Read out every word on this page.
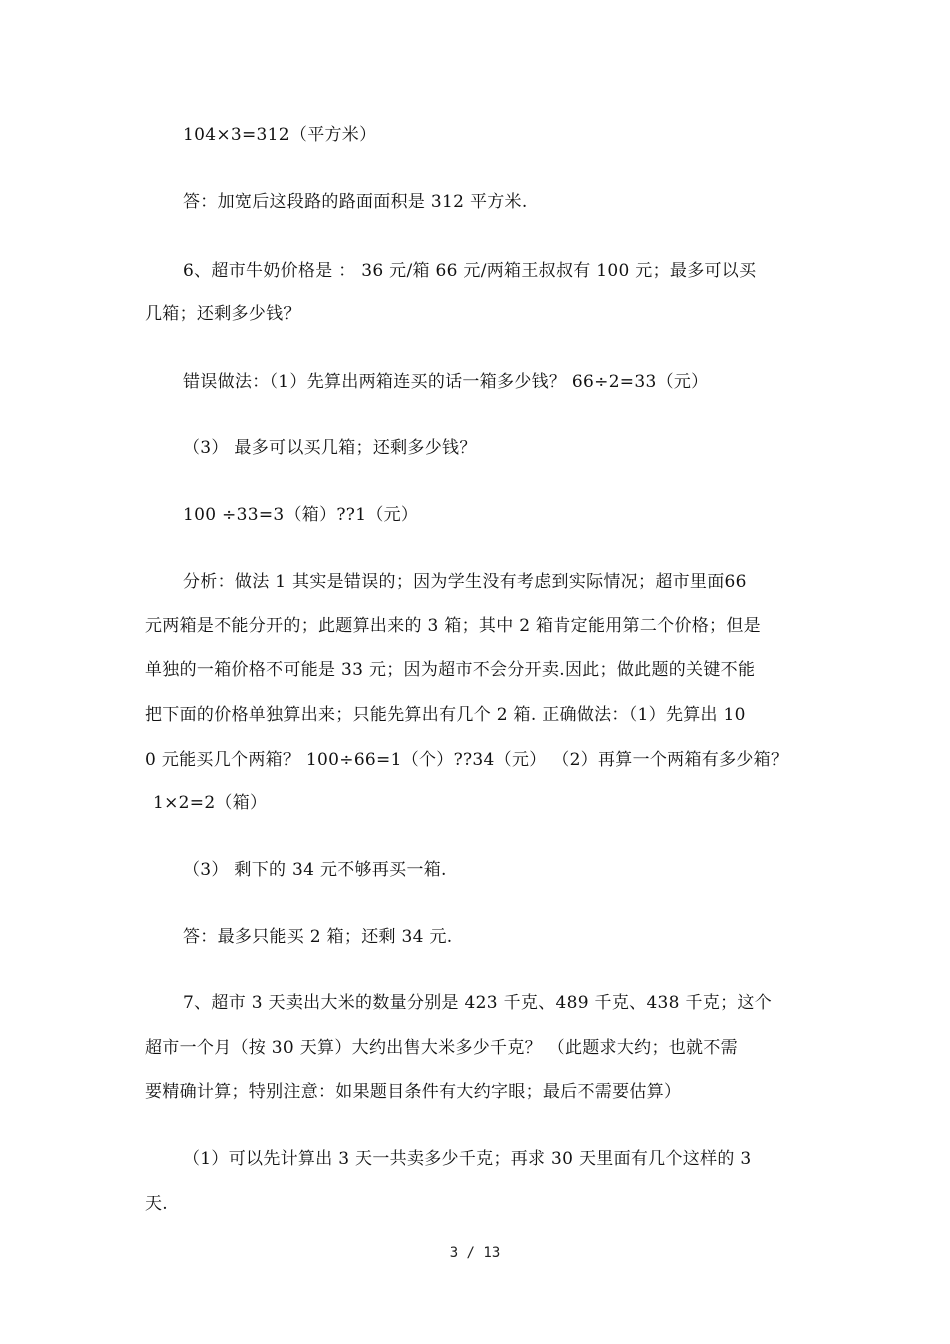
104×3=312（平方米）
答：加宽后这段路的路面面积是 312 平方米.
6、超市牛奶价格是 ： 36 元/箱 66 元/两箱王叔叔有 100 元；最多可以买
几箱；还剩多少钱？
错误做法：（1）先算出两箱连买的话一箱多少钱？ 66÷2=33（元）
（3） 最多可以买几箱；还剩多少钱？
100 ÷33=3（箱）??1（元）
分析：做法 1 其实是错误的；因为学生没有考虑到实际情况；超市里面66
元两箱是不能分开的；此题算出来的 3 箱；其中 2 箱肯定能用第二个价格；但是
单独的一箱价格不可能是 33 元；因为超市不会分开卖.因此；做此题的关键不能
把下面的价格单独算出来；只能先算出有几个 2 箱. 正确做法：（1）先算出 10
0 元能买几个两箱？ 100÷66=1（个）??34（元） （2）再算一个两箱有多少箱？
1×2=2（箱）
（3） 剩下的 34 元不够再买一箱.
答：最多只能买 2 箱；还剩 34 元.
7、超市 3 天卖出大米的数量分别是 423 千克、489 千克、438 千克；这个
超市一个月（按 30 天算）大约出售大米多少千克？ （此题求大约；也就不需
要精确计算；特别注意：如果题目条件有大约字眼；最后不需要估算）
（1）可以先计算出 3 天一共卖多少千克；再求 30 天里面有几个这样的 3
天.
3 / 13
